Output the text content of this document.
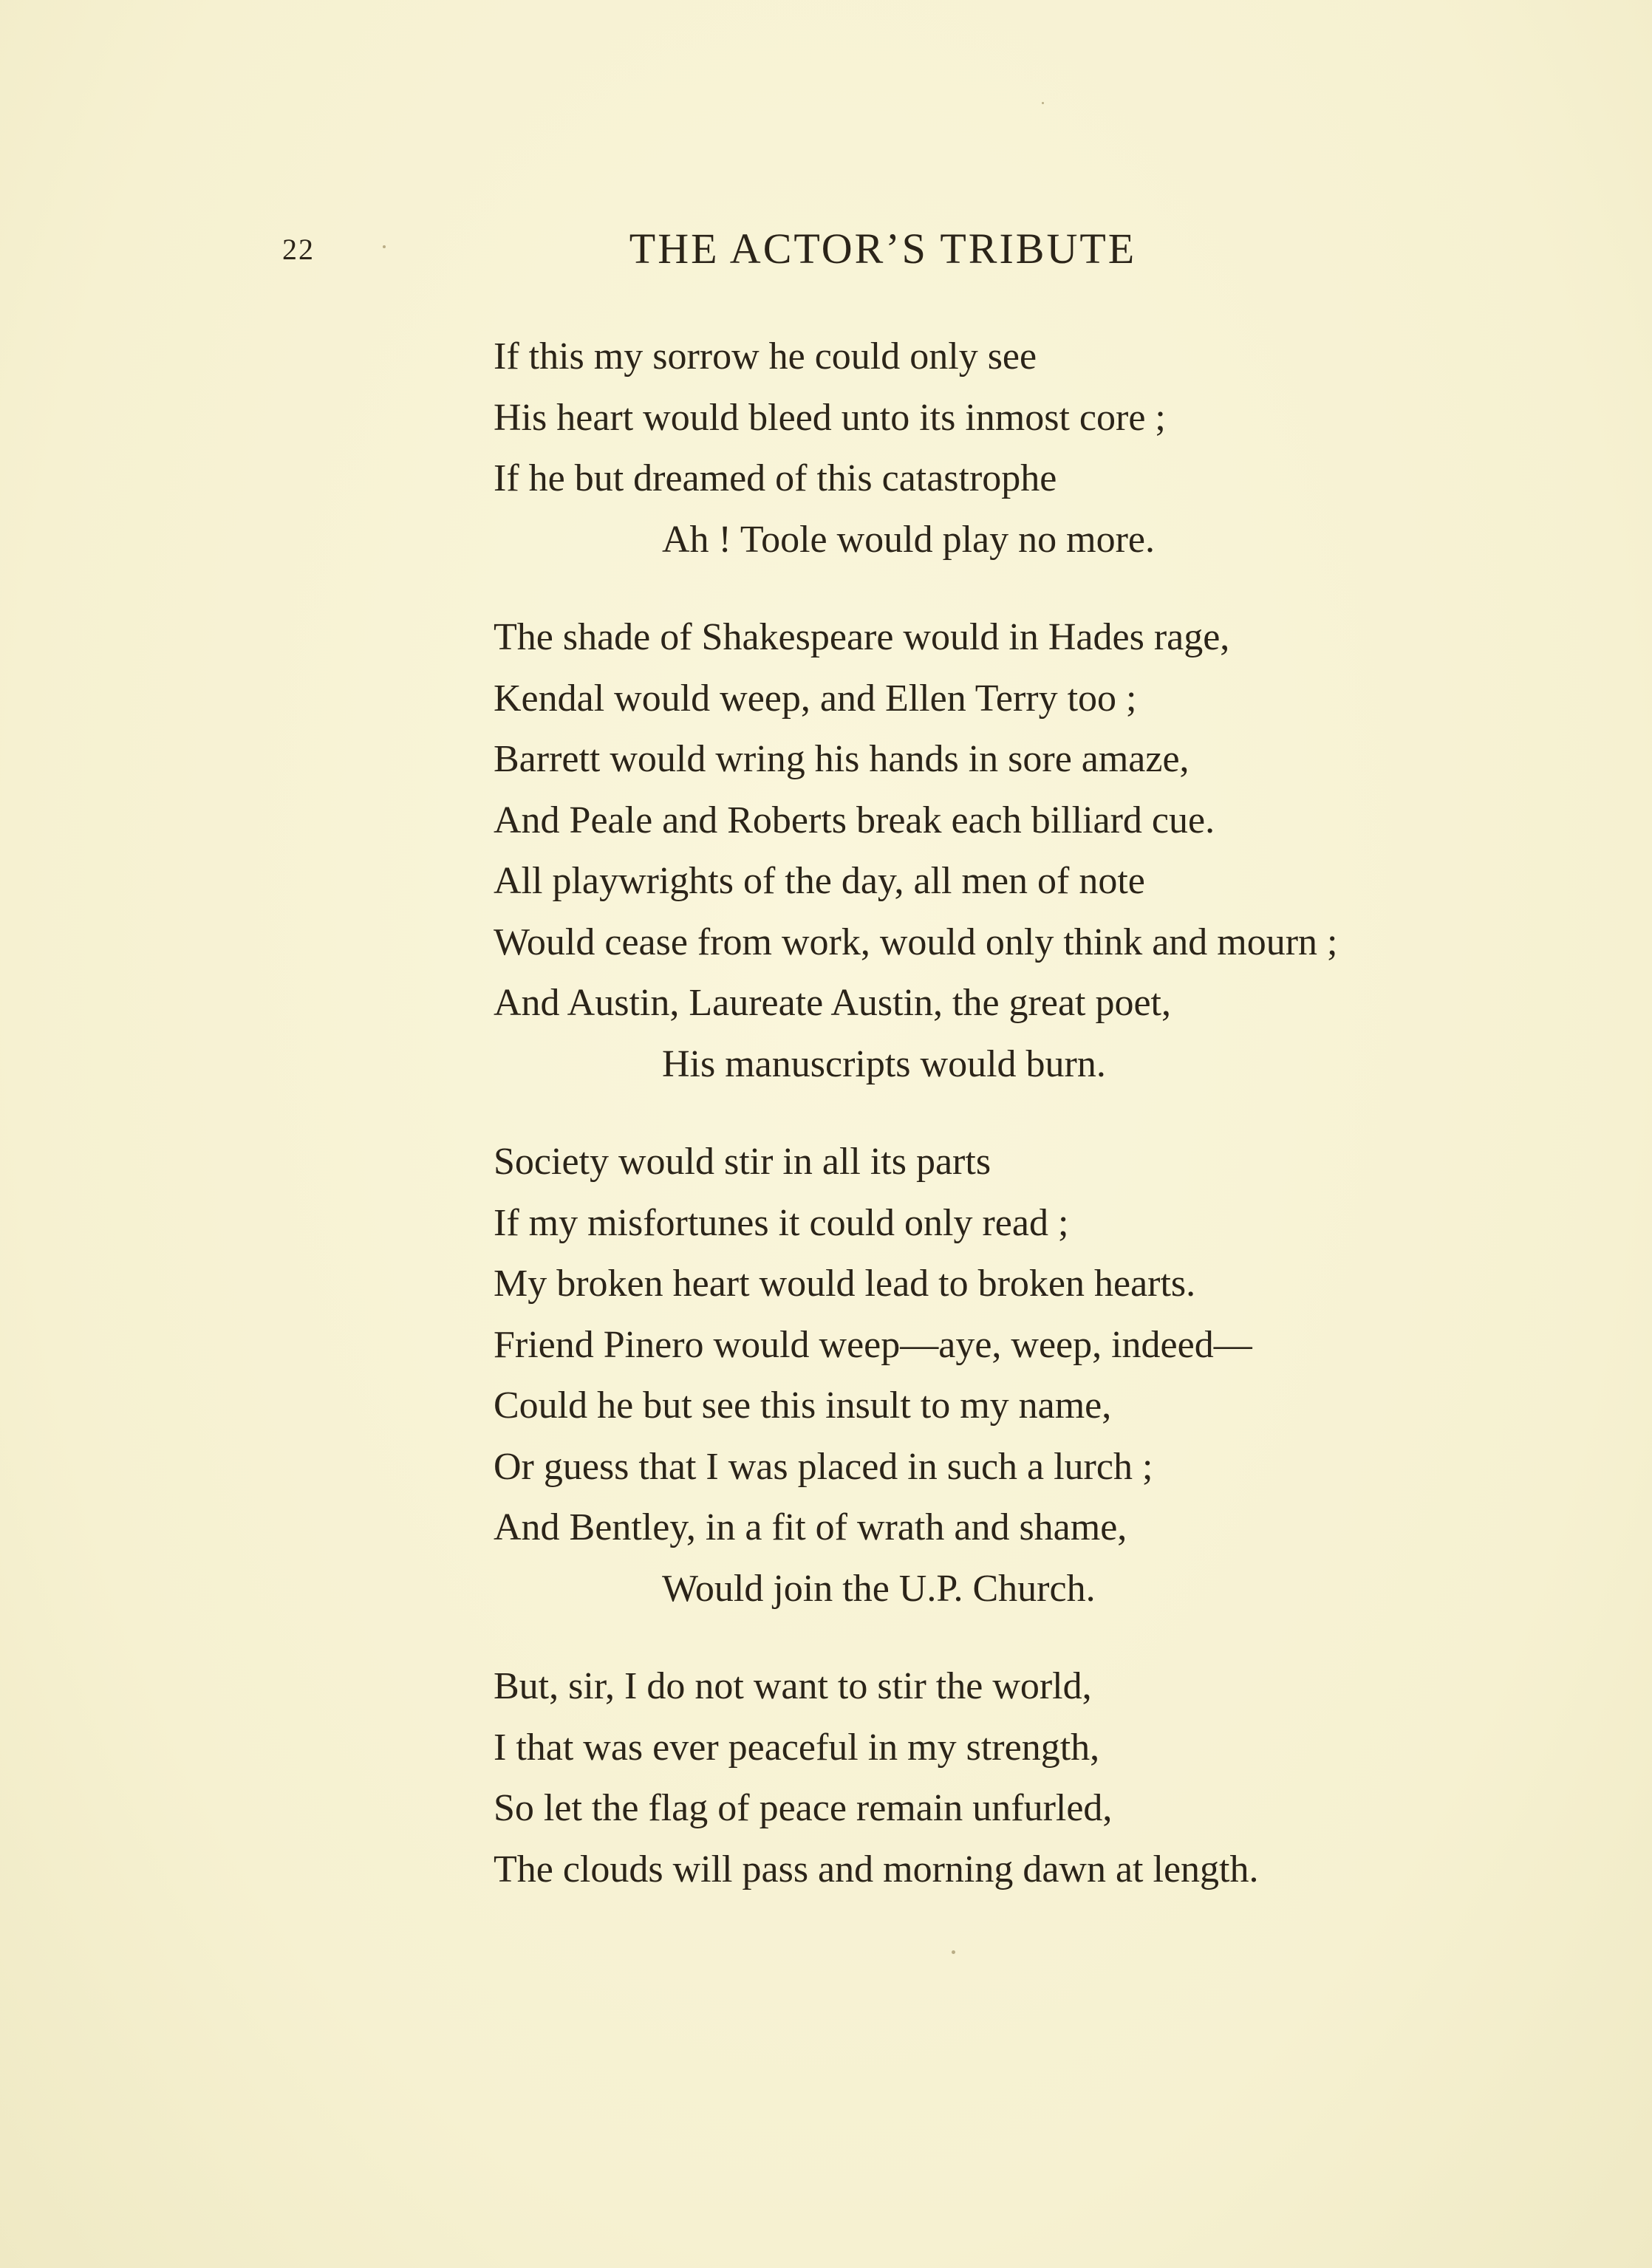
22	THE ACTOR’S TRIBUTE
If this my sorrow he could only see
His heart would bleed unto its inmost core ;
If he but dreamed of this catastrophe
Ah ! Toole would play no more.
The shade of Shakespeare would in Hades rage,
Kendal would weep, and Ellen Terry too ;
Barrett would wring his hands in sore amaze,
And Peale and Roberts break each billiard cue.
All playwrights of the day, all men of note
Would cease from work, would only think and mourn ;
And Austin, Laureate Austin, the great poet,
His manuscripts would burn.
Society would stir in all its parts
If my misfortunes it could only read ;
My broken heart would lead to broken hearts.
Friend Pinero would weep—aye, weep, indeed—
Could he but see this insult to my name,
Or guess that I was placed in such a lurch ;
And Bentley, in a fit of wrath and shame,
Would join the U.P. Church.
But, sir, I do not want to stir the world,
I that was ever peaceful in my strength,
So let the flag of peace remain unfurled,
The clouds will pass and morning dawn at length.
